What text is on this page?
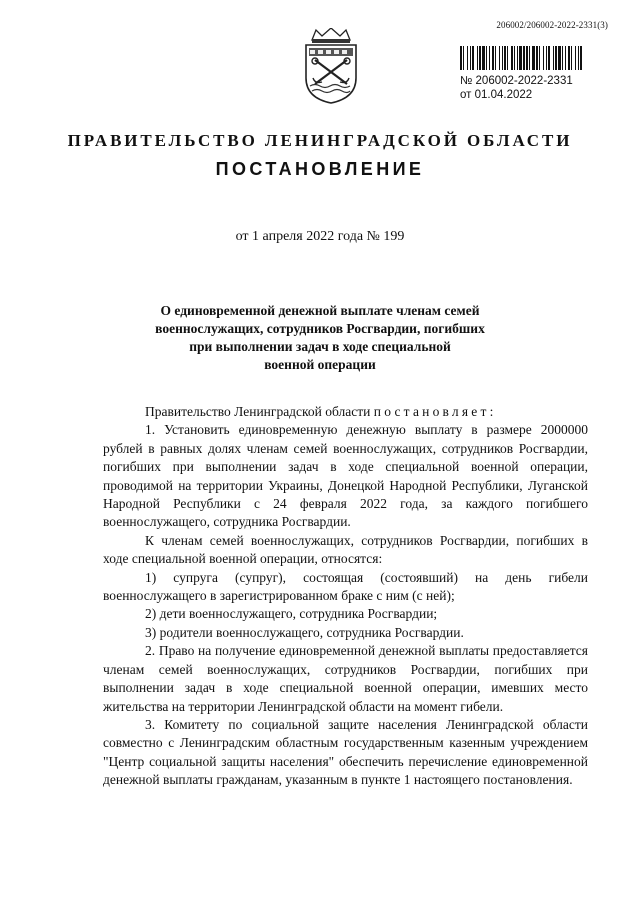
206002/206002-2022-2331(3)
№ 206002-2022-2331
от 01.04.2022
ПРАВИТЕЛЬСТВО ЛЕНИНГРАДСКОЙ ОБЛАСТИ
ПОСТАНОВЛЕНИЕ
от 1 апреля 2022 года № 199
О единовременной денежной выплате членам семей
военнослужащих, сотрудников Росгвардии, погибших
при выполнении задач в ходе специальной
военной операции

Правительство Ленинградской области постановляет:

1. Установить единовременную денежную выплату в размере 2000000 рублей в равных долях членам семей военнослужащих, сотрудников Росгвардии, погибших при выполнении задач в ходе специальной военной операции, проводимой на территории Украины, Донецкой Народной Республики, Луганской Народной Республики с 24 февраля 2022 года, за каждого погибшего военнослужащего, сотрудника Росгвардии.

К членам семей военнослужащих, сотрудников Росгвардии, погибших в ходе специальной военной операции, относятся:

1) супруга (супруг), состоящая (состоявший) на день гибели военнослужащего в зарегистрированном браке с ним (с ней);

2) дети военнослужащего, сотрудника Росгвардии;

3) родители военнослужащего, сотрудника Росгвардии.

2. Право на получение единовременной денежной выплаты предоставляется членам семей военнослужащих, сотрудников Росгвардии, погибших при выполнении задач в ходе специальной военной операции, имевших место жительства на территории Ленинградской области на момент гибели.

3. Комитету по социальной защите населения Ленинградской области совместно с Ленинградским областным государственным казенным учреждением "Центр социальной защиты населения" обеспечить перечисление единовременной денежной выплаты гражданам, указанным в пункте 1 настоящего постановления.
